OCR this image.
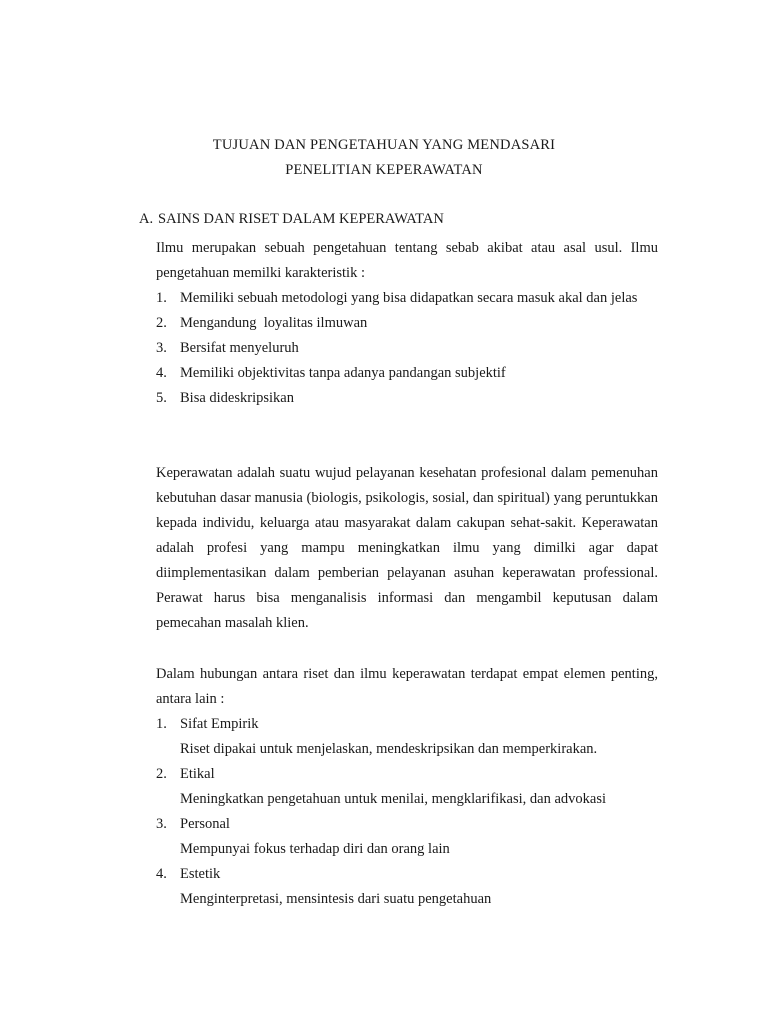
TUJUAN DAN PENGETAHUAN YANG MENDASARI
PENELITIAN KEPERAWATAN
A. SAINS DAN RISET DALAM KEPERAWATAN
Ilmu merupakan sebuah pengetahuan tentang sebab akibat atau asal usul. Ilmu pengetahuan memilki karakteristik :
1. Memiliki sebuah metodologi yang bisa didapatkan secara masuk akal dan jelas
2. Mengandung  loyalitas ilmuwan
3. Bersifat menyeluruh
4. Memiliki objektivitas tanpa adanya pandangan subjektif
5. Bisa dideskripsikan
Keperawatan adalah suatu wujud pelayanan kesehatan profesional dalam pemenuhan kebutuhan dasar manusia (biologis, psikologis, sosial, dan spiritual) yang peruntukkan kepada individu, keluarga atau masyarakat dalam cakupan sehat-sakit. Keperawatan adalah profesi yang mampu meningkatkan ilmu yang dimilki agar dapat diimplementasikan dalam pemberian pelayanan asuhan keperawatan professional. Perawat harus bisa menganalisis informasi dan mengambil keputusan dalam pemecahan masalah klien.
Dalam hubungan antara riset dan ilmu keperawatan terdapat empat elemen penting, antara lain :
1. Sifat Empirik
Riset dipakai untuk menjelaskan, mendeskripsikan dan memperkirakan.
2. Etikal
Meningkatkan pengetahuan untuk menilai, mengklarifikasi, dan advokasi
3. Personal
Mempunyai fokus terhadap diri dan orang lain
4. Estetik
Menginterpretasi, mensintesis dari suatu pengetahuan
